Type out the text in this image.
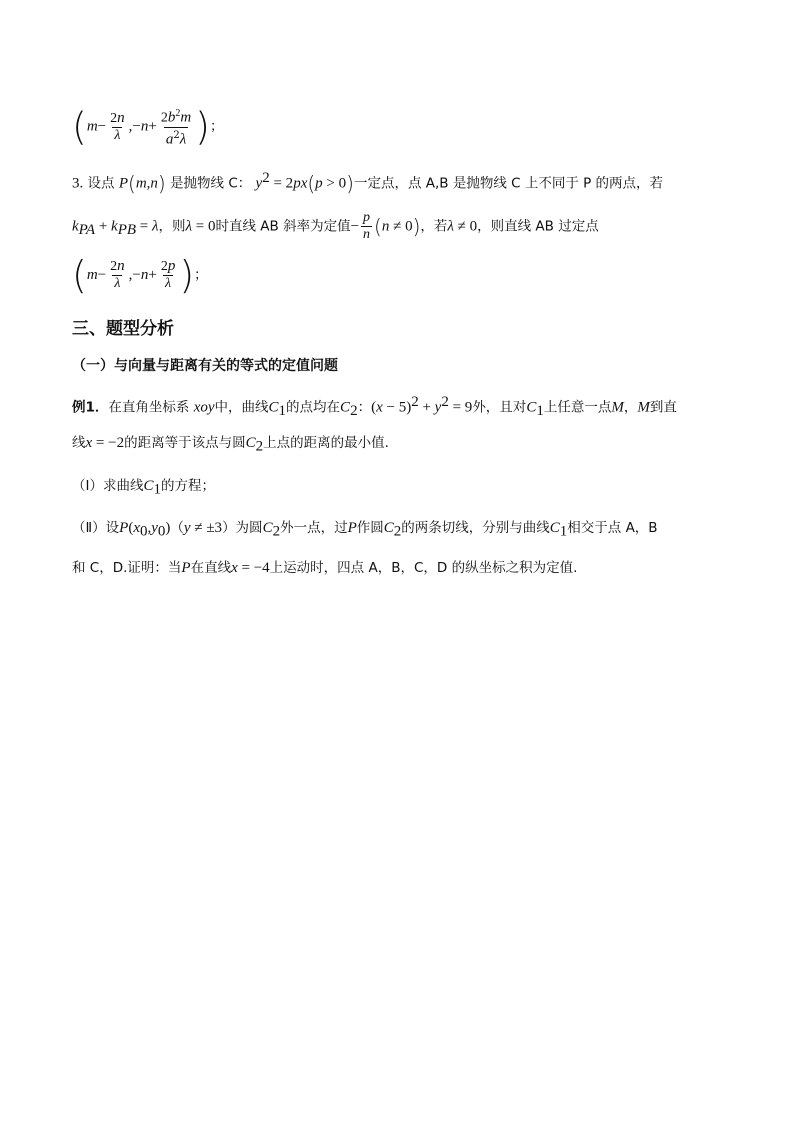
($m- \frac{2n}{\lambda} ,-n+ \frac{2b^2m}{a^2\lambda}$ )；
3. 设点 P(m,n) 是抛物线 C： $y^2 = 2px(p > 0)$一定点，点 A,B 是抛物线 C 上不同于 P 的两点，若
$k_{PA} + k_{PB} = \lambda$，则λ = 0时直线 AB 斜率为定值− $\frac{p}{n} (n \ne 0)$，若λ ≠ 0，则直线 AB 过定点
($m- \frac{2n}{\lambda} ,-n+ \frac{2p}{\lambda}$ )；
三、题型分析
（一）与向量与距离有关的等式的定值问题
例1．在直角坐标系 xoy中，曲线$C_1$的点均在$C_2$：$(x - 5)^2 + y^2 = 9$外，且对$C_1$上任意一点M，M到直
线x = −2的距离等于该点与圆$C_2$上点的距离的最小值.
（Ⅰ）求曲线$C_1$的方程；
（Ⅱ）设$P(x_0,y_0)(y \ne \pm 3)$为圆$C_2$外一点，过P作圆$C_2$的两条切线，分别与曲线$C_1$相交于点 A，B
和 C，D.证明：当P在直线x = −4上运动时，四点 A，B，C，D 的纵坐标之积为定值.
